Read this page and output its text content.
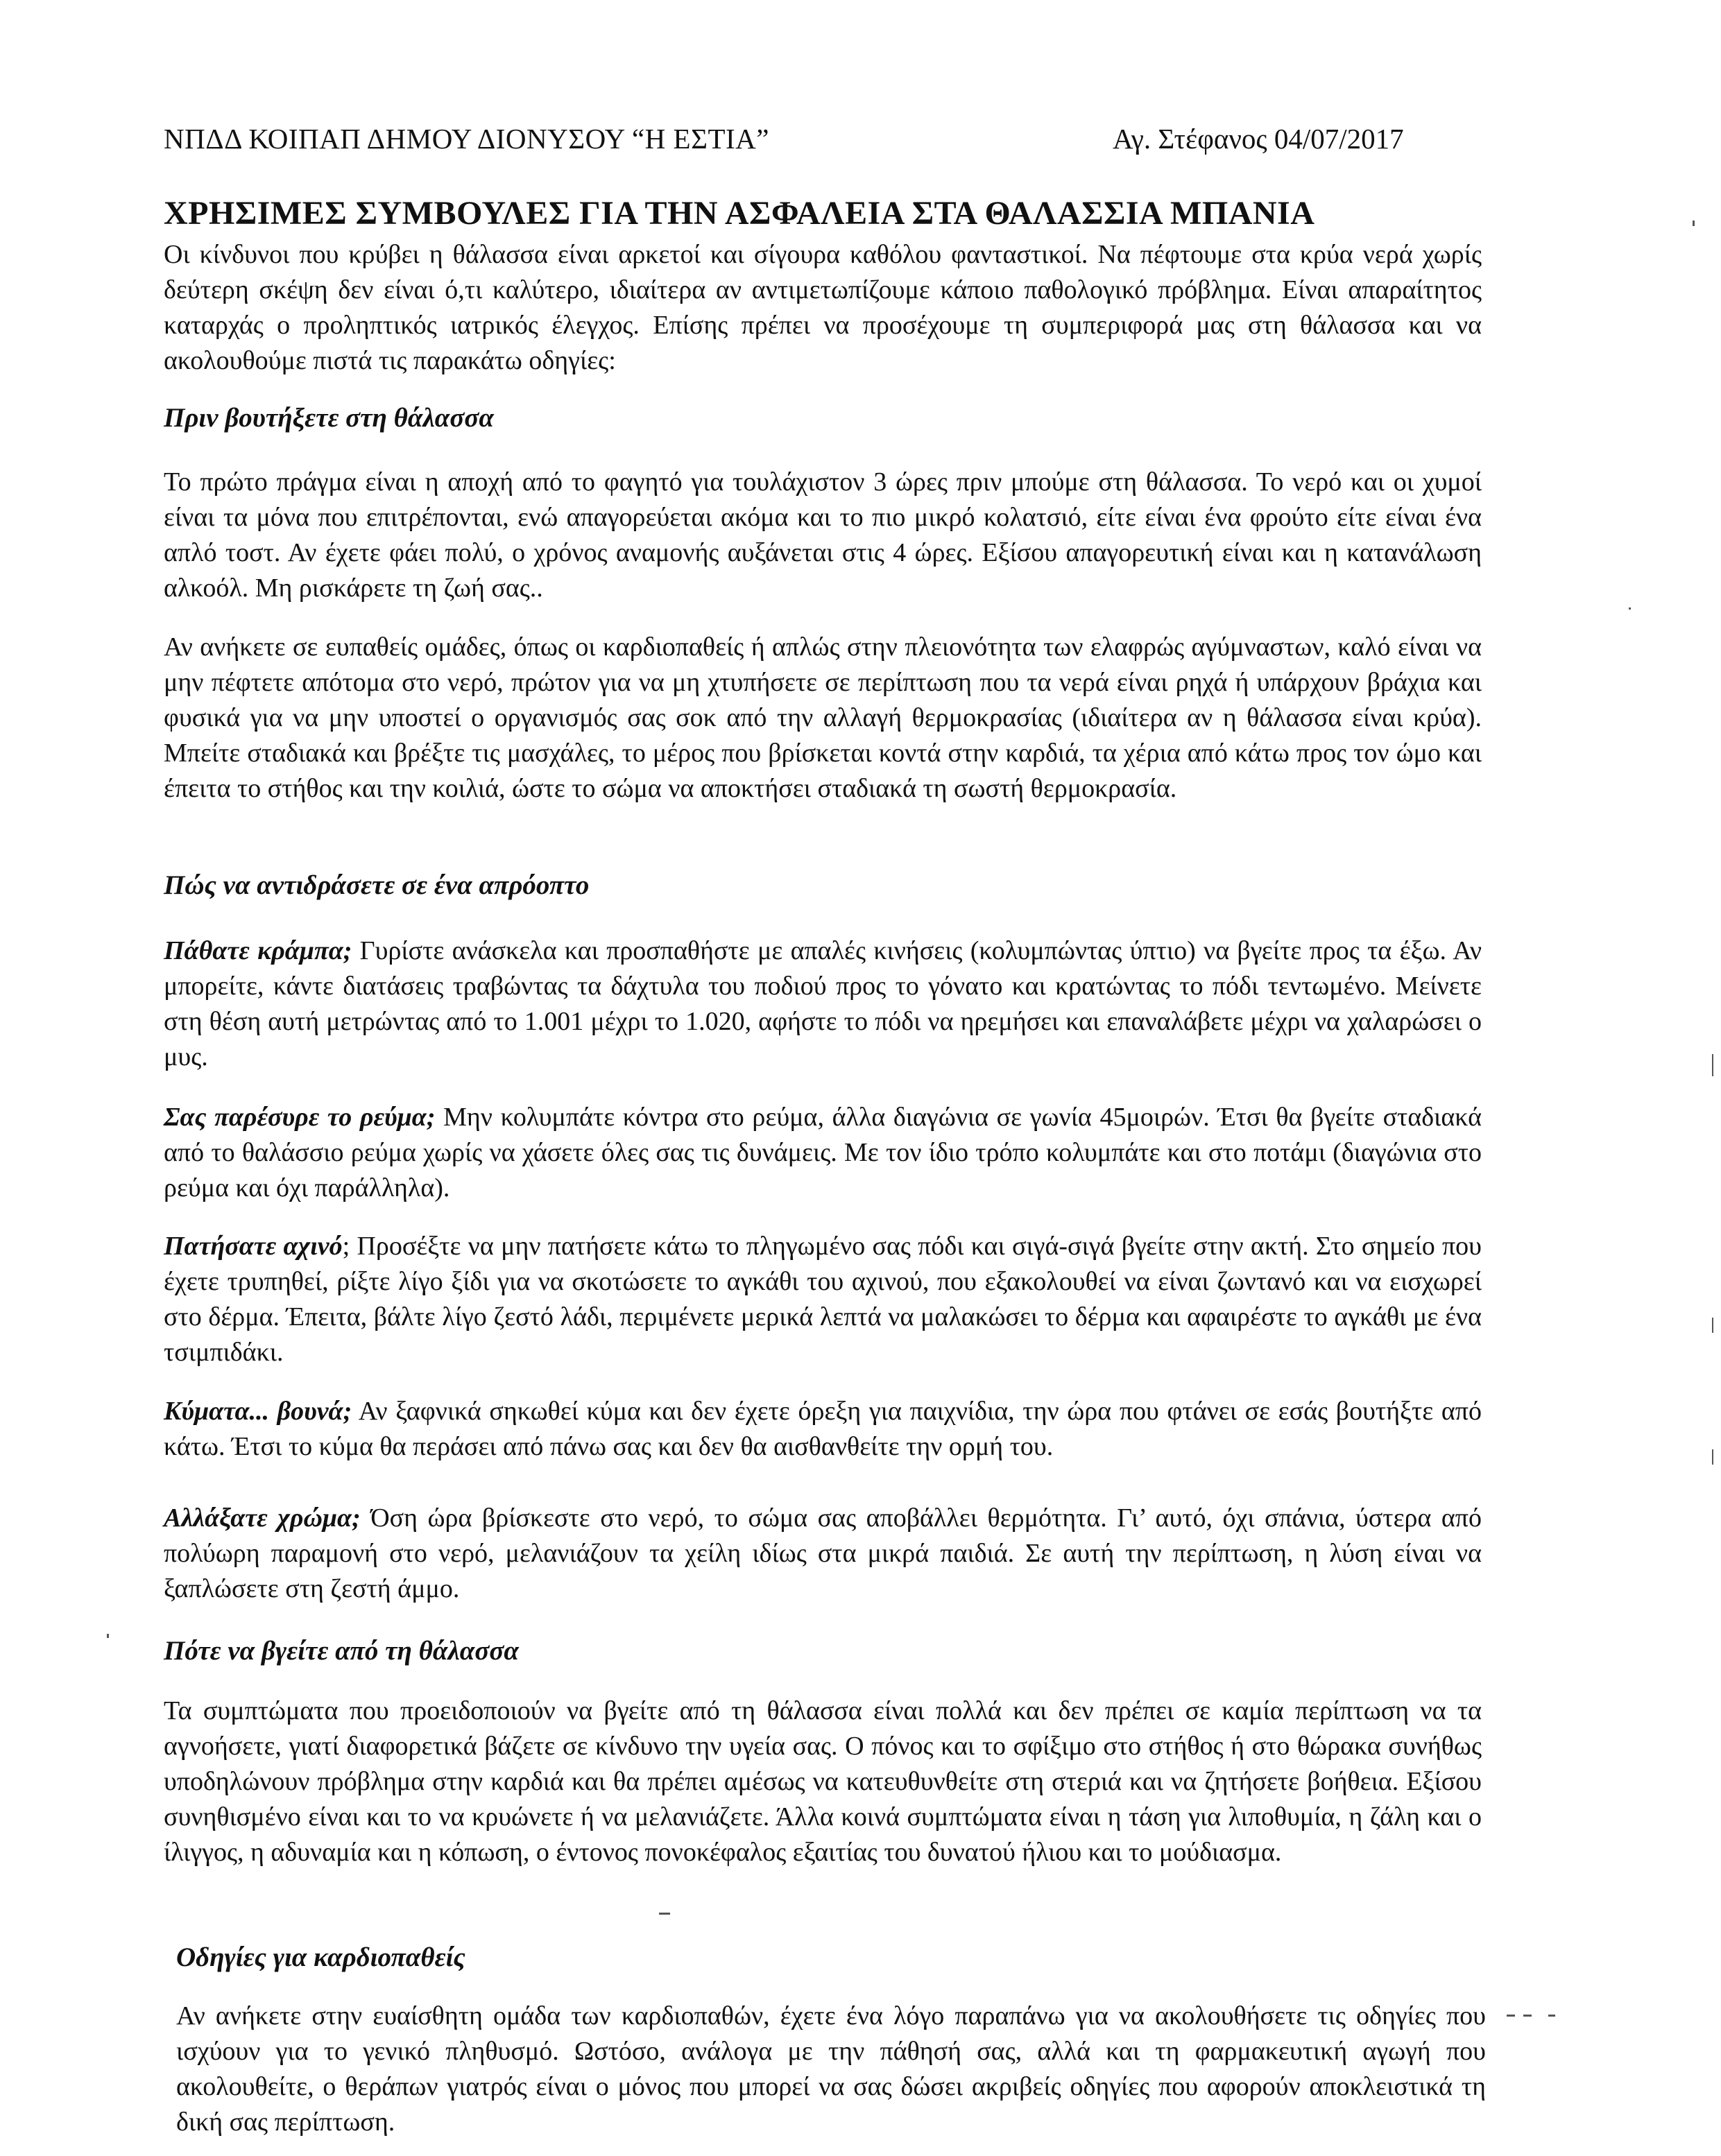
ΝΠΔΔ ΚΟΙΠΑΠ ΔΗΜΟΥ ΔΙΟΝΥΣΟΥ “Η ΕΣΤΙΑ”	Αγ. Στέφανος 04/07/2017
ΧΡΗΣΙΜΕΣ ΣΥΜΒΟΥΛΕΣ ΓΙΑ ΤΗΝ ΑΣΦΑΛΕΙΑ ΣΤΑ ΘΑΛΑΣΣΙΑ ΜΠΑΝΙΑ

Οι κίνδυνοι που κρύβει η θάλασσα είναι αρκετοί και σίγουρα καθόλου φανταστικοί. Να πέφτουμε στα κρύα νερά χωρίς δεύτερη σκέψη δεν είναι ό,τι καλύτερο, ιδιαίτερα αν αντιμετωπίζουμε κάποιο παθολογικό πρόβλημα. Είναι απαραίτητος καταρχάς ο προληπτικός ιατρικός έλεγχος. Επίσης πρέπει να προσέχουμε τη συμπεριφορά μας στη θάλασσα και να ακολουθούμε πιστά τις παρακάτω οδηγίες:

Πριν βουτήξετε στη θάλασσα

Το πρώτο πράγμα είναι η αποχή από το φαγητό για τουλάχιστον 3 ώρες πριν μπούμε στη θάλασσα. Το νερό και οι χυμοί είναι τα μόνα που επιτρέπονται, ενώ απαγορεύεται ακόμα και το πιο μικρό κολατσιό, είτε είναι ένα φρούτο είτε είναι ένα απλό τοστ. Αν έχετε φάει πολύ, ο χρόνος αναμονής αυξάνεται στις 4 ώρες. Εξίσου απαγορευτική είναι και η κατανάλωση αλκοόλ. Μη ρισκάρετε τη ζωή σας..

Αν ανήκετε σε ευπαθείς ομάδες, όπως οι καρδιοπαθείς ή απλώς στην πλειονότητα των ελαφρώς αγύμναστων, καλό είναι να μην πέφτετε απότομα στο νερό, πρώτον για να μη χτυπήσετε σε περίπτωση που τα νερά είναι ρηχά ή υπάρχουν βράχια και φυσικά για να μην υποστεί ο οργανισμός σας σοκ από την αλλαγή θερμοκρασίας (ιδιαίτερα αν η θάλασσα είναι κρύα). Μπείτε σταδιακά και βρέξτε τις μασχάλες, το μέρος που βρίσκεται κοντά στην καρδιά, τα χέρια από κάτω προς τον ώμο και έπειτα το στήθος και την κοιλιά, ώστε το σώμα να αποκτήσει σταδιακά τη σωστή θερμοκρασία.

Πώς να αντιδράσετε σε ένα απρόοπτο

Πάθατε κράμπα; Γυρίστε ανάσκελα και προσπαθήστε με απαλές κινήσεις (κολυμπώντας ύπτιο) να βγείτε προς τα έξω. Αν μπορείτε, κάντε διατάσεις τραβώντας τα δάχτυλα του ποδιού προς το γόνατο και κρατώντας το πόδι τεντωμένο. Μείνετε στη θέση αυτή μετρώντας από το 1.001 μέχρι το 1.020, αφήστε το πόδι να ηρεμήσει και επαναλάβετε μέχρι να χαλαρώσει ο μυς.

Σας παρέσυρε το ρεύμα; Μην κολυμπάτε κόντρα στο ρεύμα, άλλα διαγώνια σε γωνία 45μοιρών. Έτσι θα βγείτε σταδιακά από το θαλάσσιο ρεύμα χωρίς να χάσετε όλες σας τις δυνάμεις. Με τον ίδιο τρόπο κολυμπάτε και στο ποτάμι (διαγώνια στο ρεύμα και όχι παράλληλα).

Πατήσατε αχινό; Προσέξτε να μην πατήσετε κάτω το πληγωμένο σας πόδι και σιγά-σιγά βγείτε στην ακτή. Στο σημείο που έχετε τρυπηθεί, ρίξτε λίγο ξίδι για να σκοτώσετε το αγκάθι του αχινού, που εξακολουθεί να είναι ζωντανό και να εισχωρεί στο δέρμα. Έπειτα, βάλτε λίγο ζεστό λάδι, περιμένετε μερικά λεπτά να μαλακώσει το δέρμα και αφαιρέστε το αγκάθι με ένα τσιμπιδάκι.

Κύματα... βουνά; Αν ξαφνικά σηκωθεί κύμα και δεν έχετε όρεξη για παιχνίδια, την ώρα που φτάνει σε εσάς βουτήξτε από κάτω. Έτσι το κύμα θα περάσει από πάνω σας και δεν θα αισθανθείτε την ορμή του.

Αλλάξατε χρώμα; Όση ώρα βρίσκεστε στο νερό, το σώμα σας αποβάλλει θερμότητα. Γι’ αυτό, όχι σπάνια, ύστερα από πολύωρη παραμονή στο νερό, μελανιάζουν τα χείλη ιδίως στα μικρά παιδιά. Σε αυτή την περίπτωση, η λύση είναι να ξαπλώσετε στη ζεστή άμμο.

Πότε να βγείτε από τη θάλασσα

Τα συμπτώματα που προειδοποιούν να βγείτε από τη θάλασσα είναι πολλά και δεν πρέπει σε καμία περίπτωση να τα αγνοήσετε, γιατί διαφορετικά βάζετε σε κίνδυνο την υγεία σας. Ο πόνος και το σφίξιμο στο στήθος ή στο θώρακα συνήθως υποδηλώνουν πρόβλημα στην καρδιά και θα πρέπει αμέσως να κατευθυνθείτε στη στεριά και να ζητήσετε βοήθεια. Εξίσου συνηθισμένο είναι και το να κρυώνετε ή να μελανιάζετε. Άλλα κοινά συμπτώματα είναι η τάση για λιποθυμία, η ζάλη και ο ίλιγγος, η αδυναμία και η κόπωση, ο έντονος πονοκέφαλος εξαιτίας του δυνατού ήλιου και το μούδιασμα.

Οδηγίες για καρδιοπαθείς

Αν ανήκετε στην ευαίσθητη ομάδα των καρδιοπαθών, έχετε ένα λόγο παραπάνω για να ακολουθήσετε τις οδηγίες που ισχύουν για το γενικό πληθυσμό. Ωστόσο, ανάλογα με την πάθησή σας, αλλά και τη φαρμακευτική αγωγή που ακολουθείτε, ο θεράπων γιατρός είναι ο μόνος που μπορεί να σας δώσει ακριβείς οδηγίες που αφορούν αποκλειστικά τη δική σας περίπτωση.
